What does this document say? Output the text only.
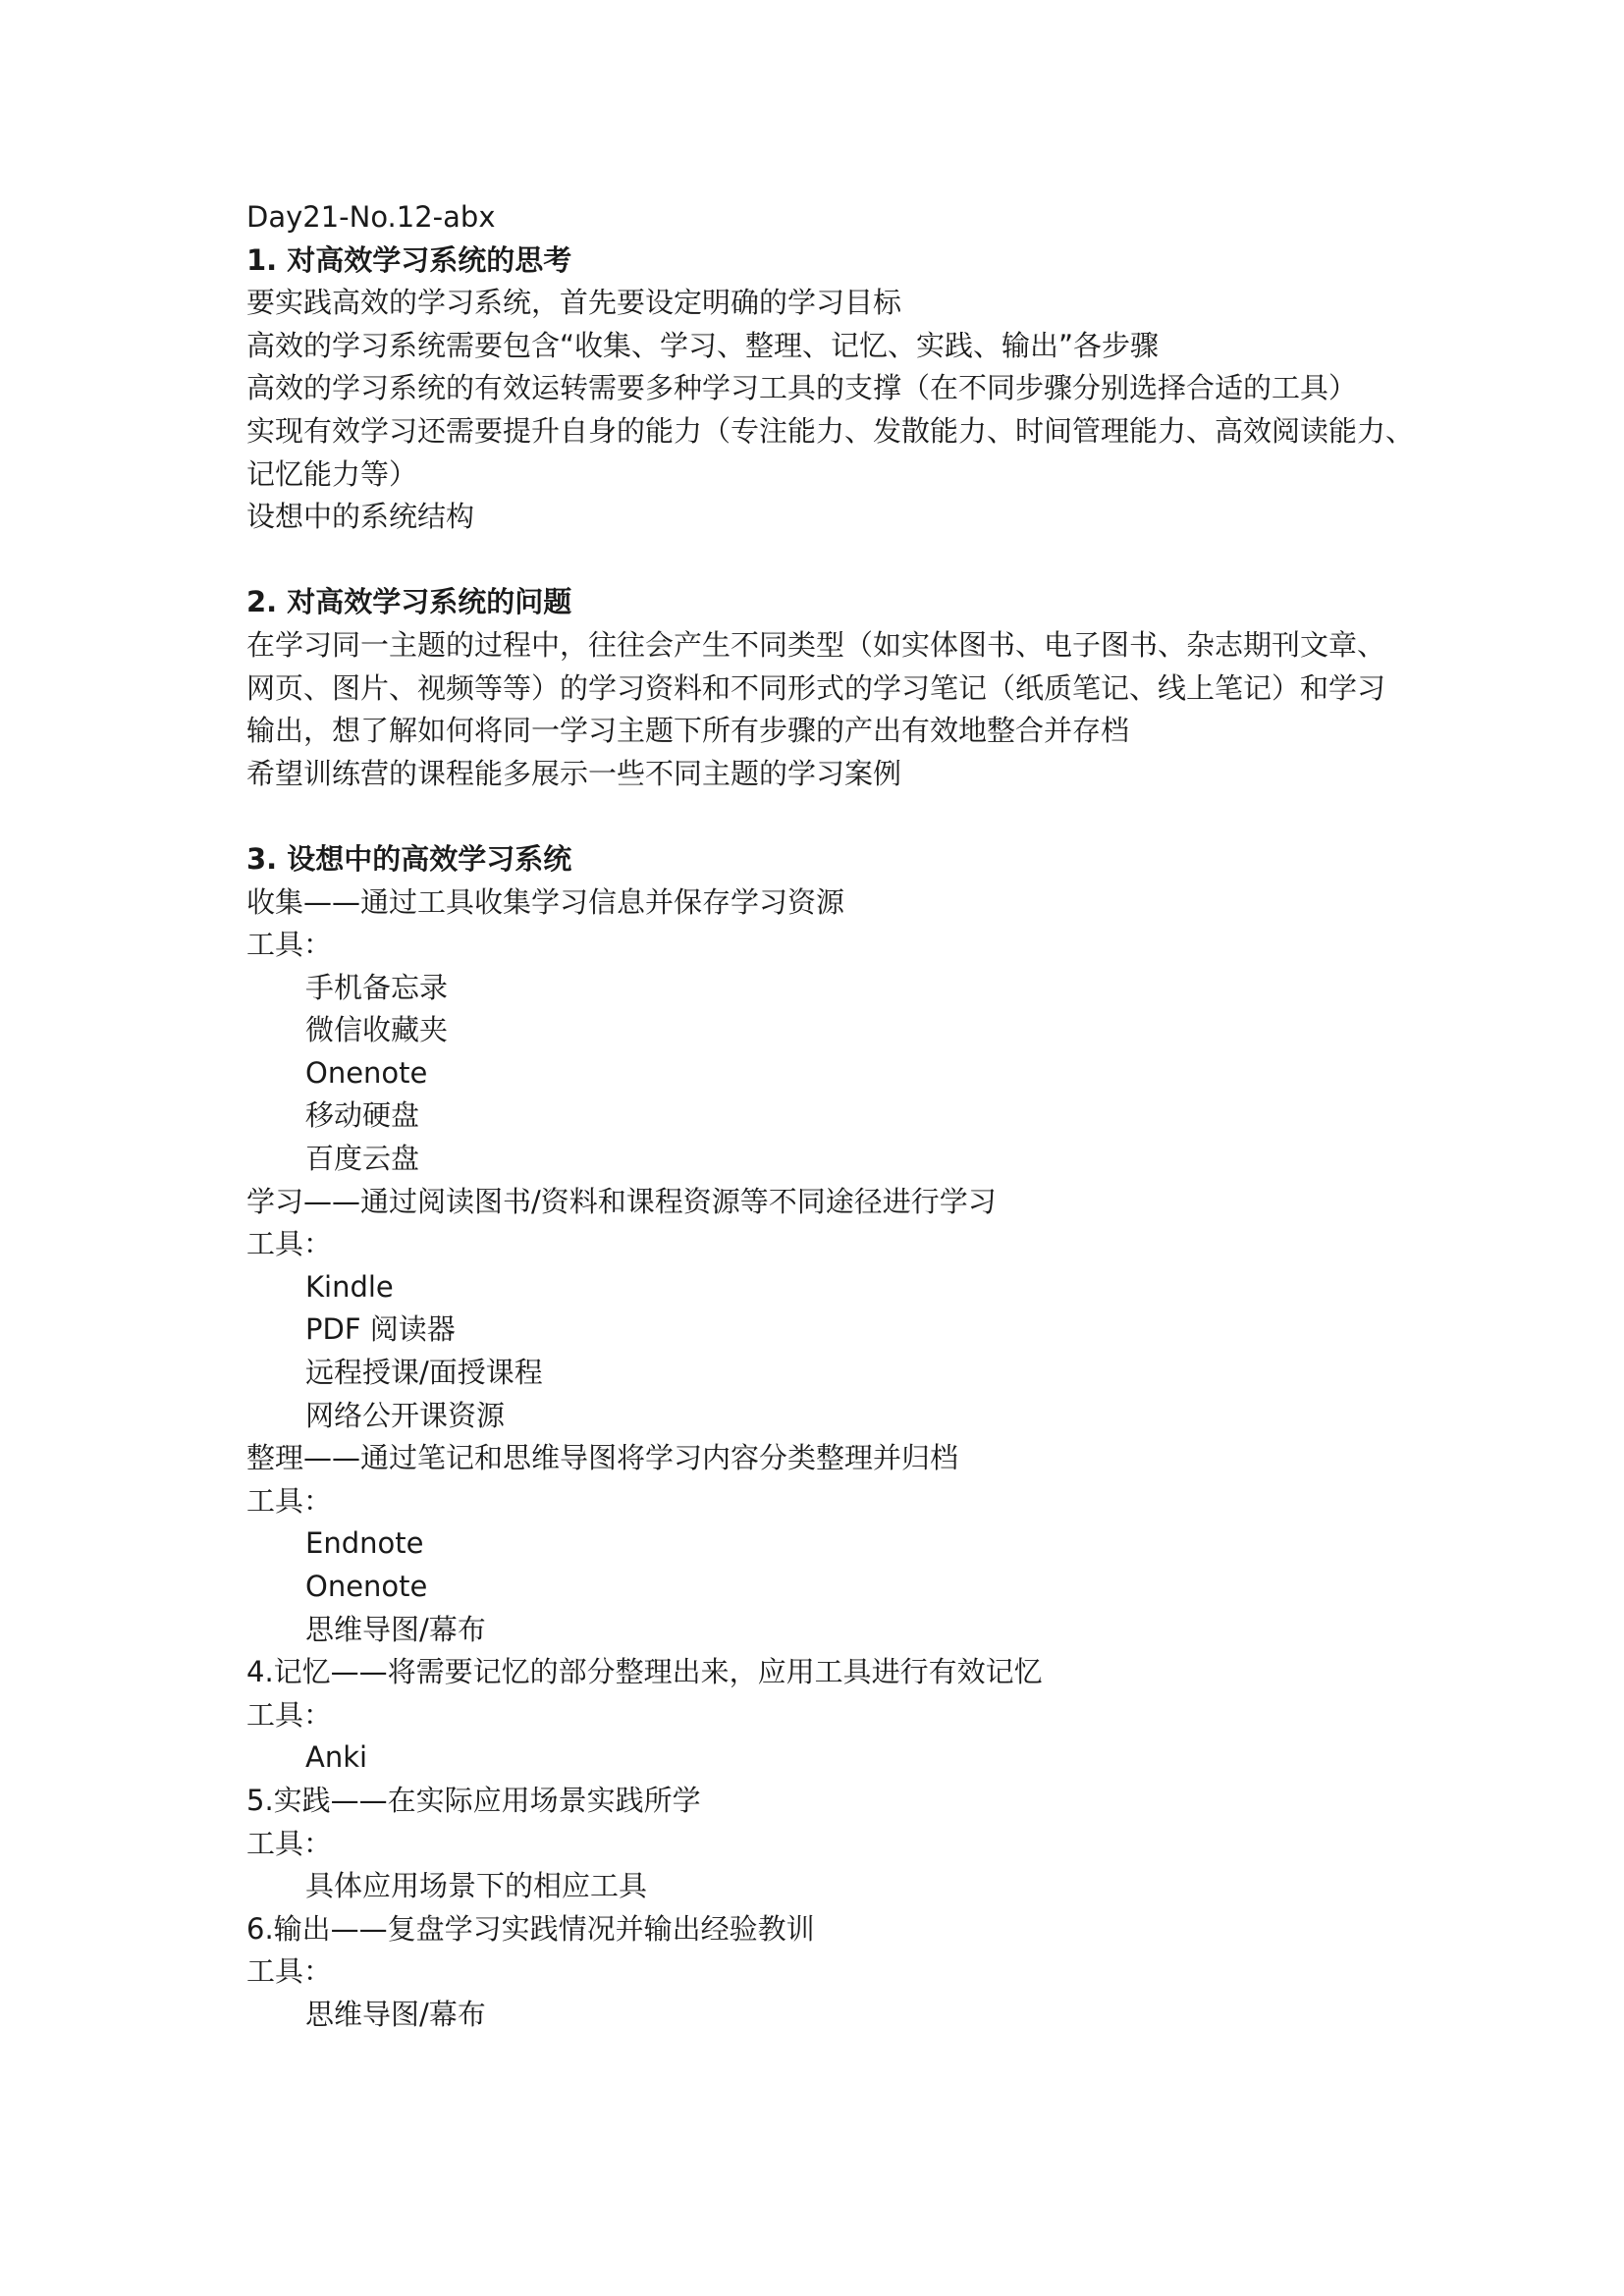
Day21-No.12-abx
1. 对高效学习系统的思考
要实践高效的学习系统，首先要设定明确的学习目标
高效的学习系统需要包含“收集、学习、整理、记忆、实践、输出”各步骤
高效的学习系统的有效运转需要多种学习工具的支撑（在不同步骤分别选择合适的工具）
实现有效学习还需要提升自身的能力（专注能力、发散能力、时间管理能力、高效阅读能力、
记忆能力等）
设想中的系统结构
2. 对高效学习系统的问题
在学习同一主题的过程中，往往会产生不同类型（如实体图书、电子图书、杂志期刊文章、
网页、图片、视频等等）的学习资料和不同形式的学习笔记（纸质笔记、线上笔记）和学习
输出，想了解如何将同一学习主题下所有步骤的产出有效地整合并存档
希望训练营的课程能多展示一些不同主题的学习案例
3. 设想中的高效学习系统
收集——通过工具收集学习信息并保存学习资源
工具：
手机备忘录
微信收藏夹
Onenote
移动硬盘
百度云盘
学习——通过阅读图书/资料和课程资源等不同途径进行学习
工具：
Kindle
PDF 阅读器
远程授课/面授课程
网络公开课资源
整理——通过笔记和思维导图将学习内容分类整理并归档
工具：
Endnote
Onenote
思维导图/幕布
4.记忆——将需要记忆的部分整理出来，应用工具进行有效记忆
工具：
Anki
5.实践——在实际应用场景实践所学
工具：
具体应用场景下的相应工具
6.输出——复盘学习实践情况并输出经验教训
工具：
思维导图/幕布
